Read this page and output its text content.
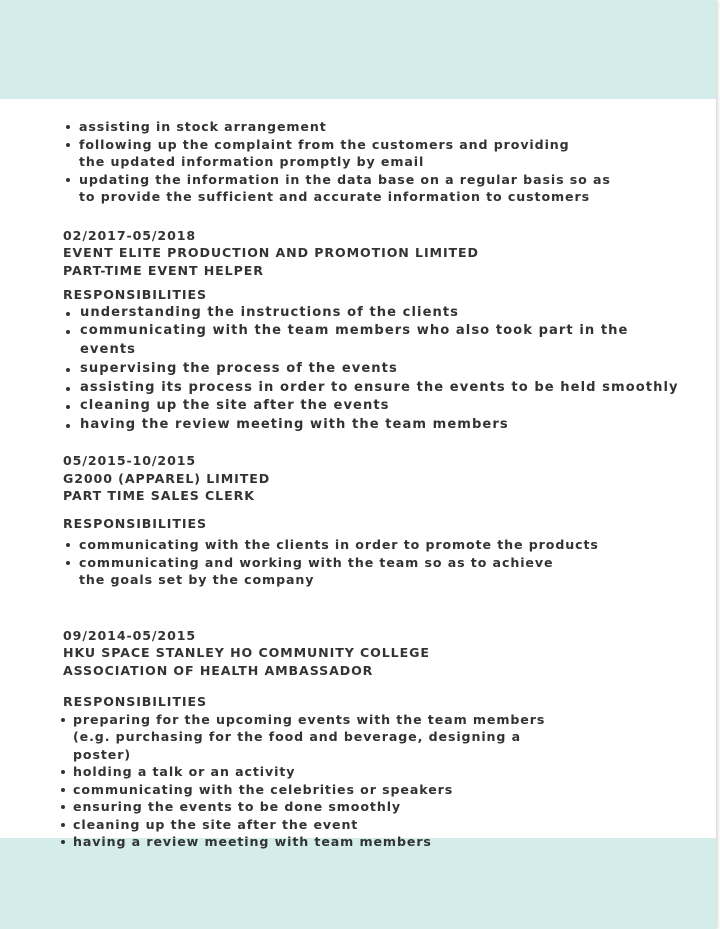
assisting in stock arrangement
following up the complaint from the customers and providing the updated information promptly by email
updating the information in the data base on a regular basis so as to provide the sufficient and accurate information to customers

02/2017-05/2018

EVENT ELITE PRODUCTION AND PROMOTION LIMITED

PART-TIME EVENT HELPER

RESPONSIBILITIES

understanding the instructions of the clients
communicating with the team members who also took part in the events
supervising the process of the events
assisting its process in order to ensure the events to be held smoothly
cleaning up the site after the events
having the review meeting with the team members

05/2015-10/2015

G2000 (APPAREL) LIMITED

PART TIME SALES CLERK

RESPONSIBILITIES

communicating with the clients in order to promote the products
communicating and working with the team so as to achieve the goals set by the company

09/2014-05/2015

HKU SPACE STANLEY HO COMMUNITY COLLEGE

ASSOCIATION OF HEALTH AMBASSADOR

RESPONSIBILITIES

preparing for the upcoming events with the team members (e.g. purchasing for the food and beverage, designing a poster)
holding a talk or an activity
communicating with the celebrities or speakers
ensuring the events to be done smoothly
cleaning up the site after the event
having a review meeting with team members
